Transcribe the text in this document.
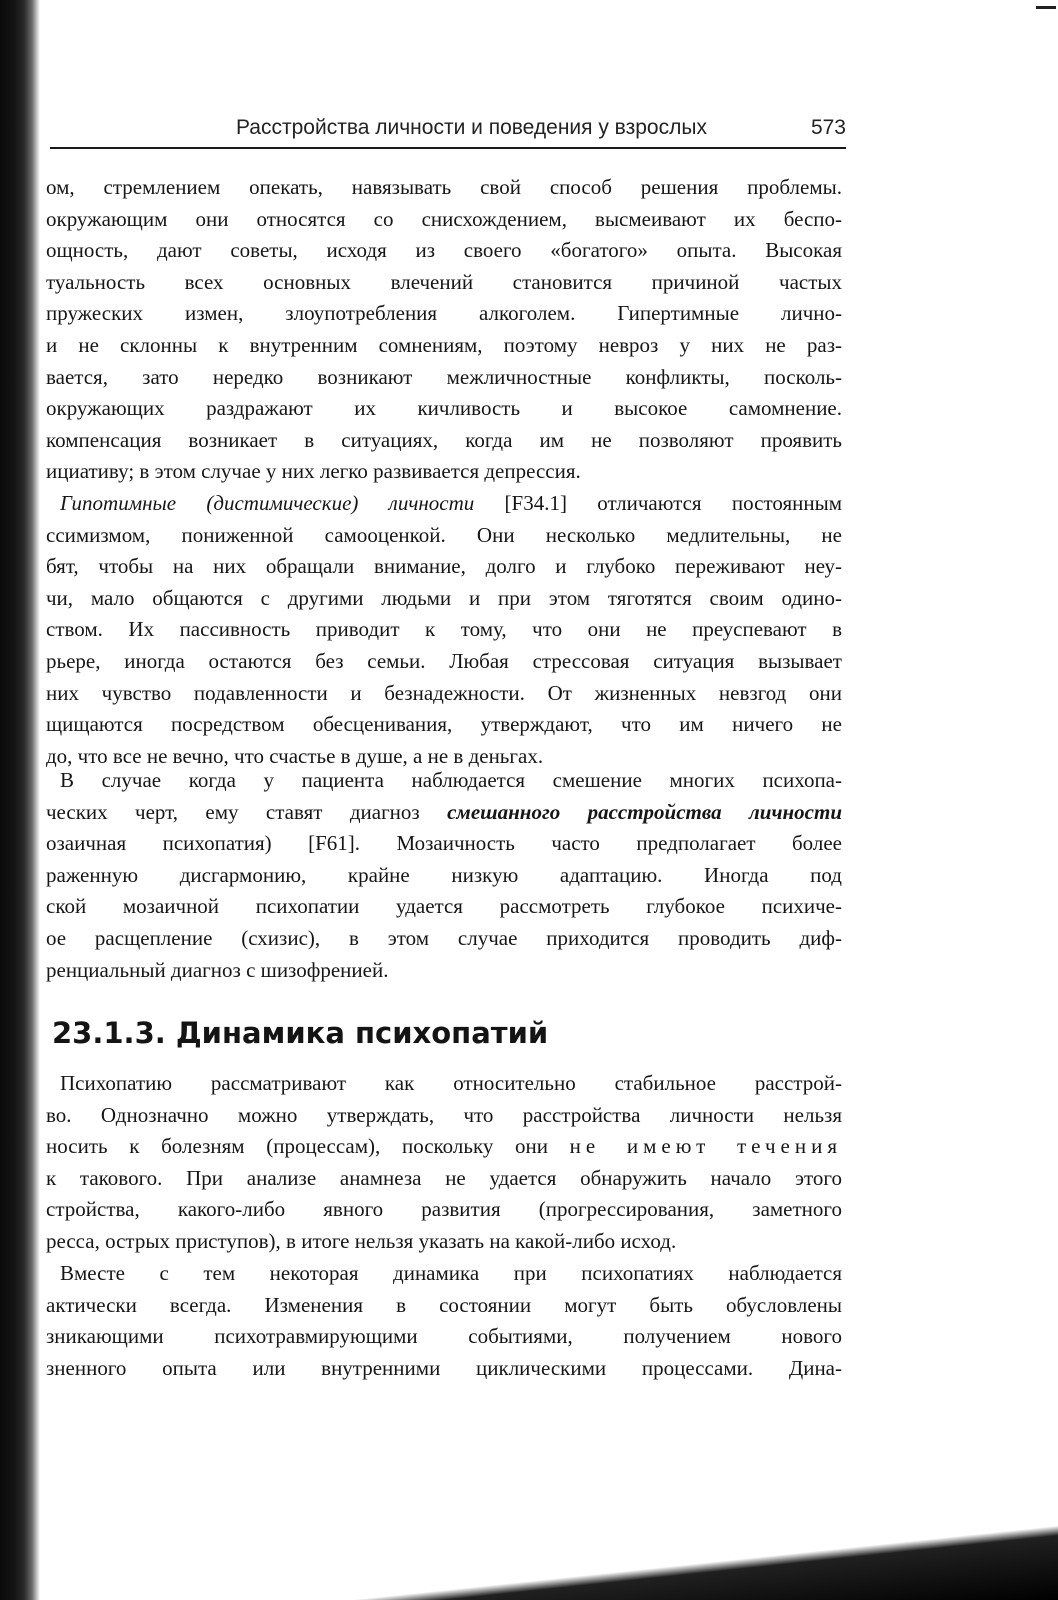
Расстройства личности и поведения у взрослых	573
ом, стремлением опекать, навязывать свой способ решения проблемы.
окружающим они относятся со снисхождением, высмеивают их беспо-
ощность, дают советы, исходя из своего «богатого» опыта. Высокая
туальность всех основных влечений становится причиной частых
пружеских измен, злоупотребления алкоголем. Гипертимные лично-
и не склонны к внутренним сомнениям, поэтому невроз у них не раз-
вается, зато нередко возникают межличностные конфликты, посколь-
окружающих раздражают их кичливость и высокое самомнение.
компенсация возникает в ситуациях, когда им не позволяют проявить
ициативу; в этом случае у них легко развивается депрессия.
Гипотимные (дистимические) личности [F34.1] отличаются постоянным
ссимизмом, пониженной самооценкой. Они несколько медлительны, не
бят, чтобы на них обращали внимание, долго и глубоко переживают неу-
чи, мало общаются с другими людьми и при этом тяготятся своим одино-
ством. Их пассивность приводит к тому, что они не преуспевают в
рьере, иногда остаются без семьи. Любая стрессовая ситуация вызывает
них чувство подавленности и безнадежности. От жизненных невзгод они
щищаются посредством обесценивания, утверждают, что им ничего не
до, что все не вечно, что счастье в душе, а не в деньгах.
В случае когда у пациента наблюдается смешение многих психопа-
ческих черт, ему ставят диагноз смешанного расстройства личности
озаичная психопатия) [F61]. Мозаичность часто предполагает более
раженную дисгармонию, крайне низкую адаптацию. Иногда под
ской мозаичной психопатии удается рассмотреть глубокое психиче-
ое расщепление (схизис), в этом случае приходится проводить диф-
ренциальный диагноз с шизофренией.
23.1.3. Динамика психопатий
Психопатию рассматривают как относительно стабильное расстрой-
во. Однозначно можно утверждать, что расстройства личности нельзя
носить к болезням (процессам), поскольку они не имеют течения
к такового. При анализе анамнеза не удается обнаружить начало этого
стройства, какого-либо явного развития (прогрессирования, заметного
ресса, острых приступов), в итоге нельзя указать на какой-либо исход.
Вместе с тем некоторая динамика при психопатиях наблюдается
актически всегда. Изменения в состоянии могут быть обусловлены
зникающими психотравмирующими событиями, получением нового
зненного опыта или внутренними циклическими процессами. Дина-
